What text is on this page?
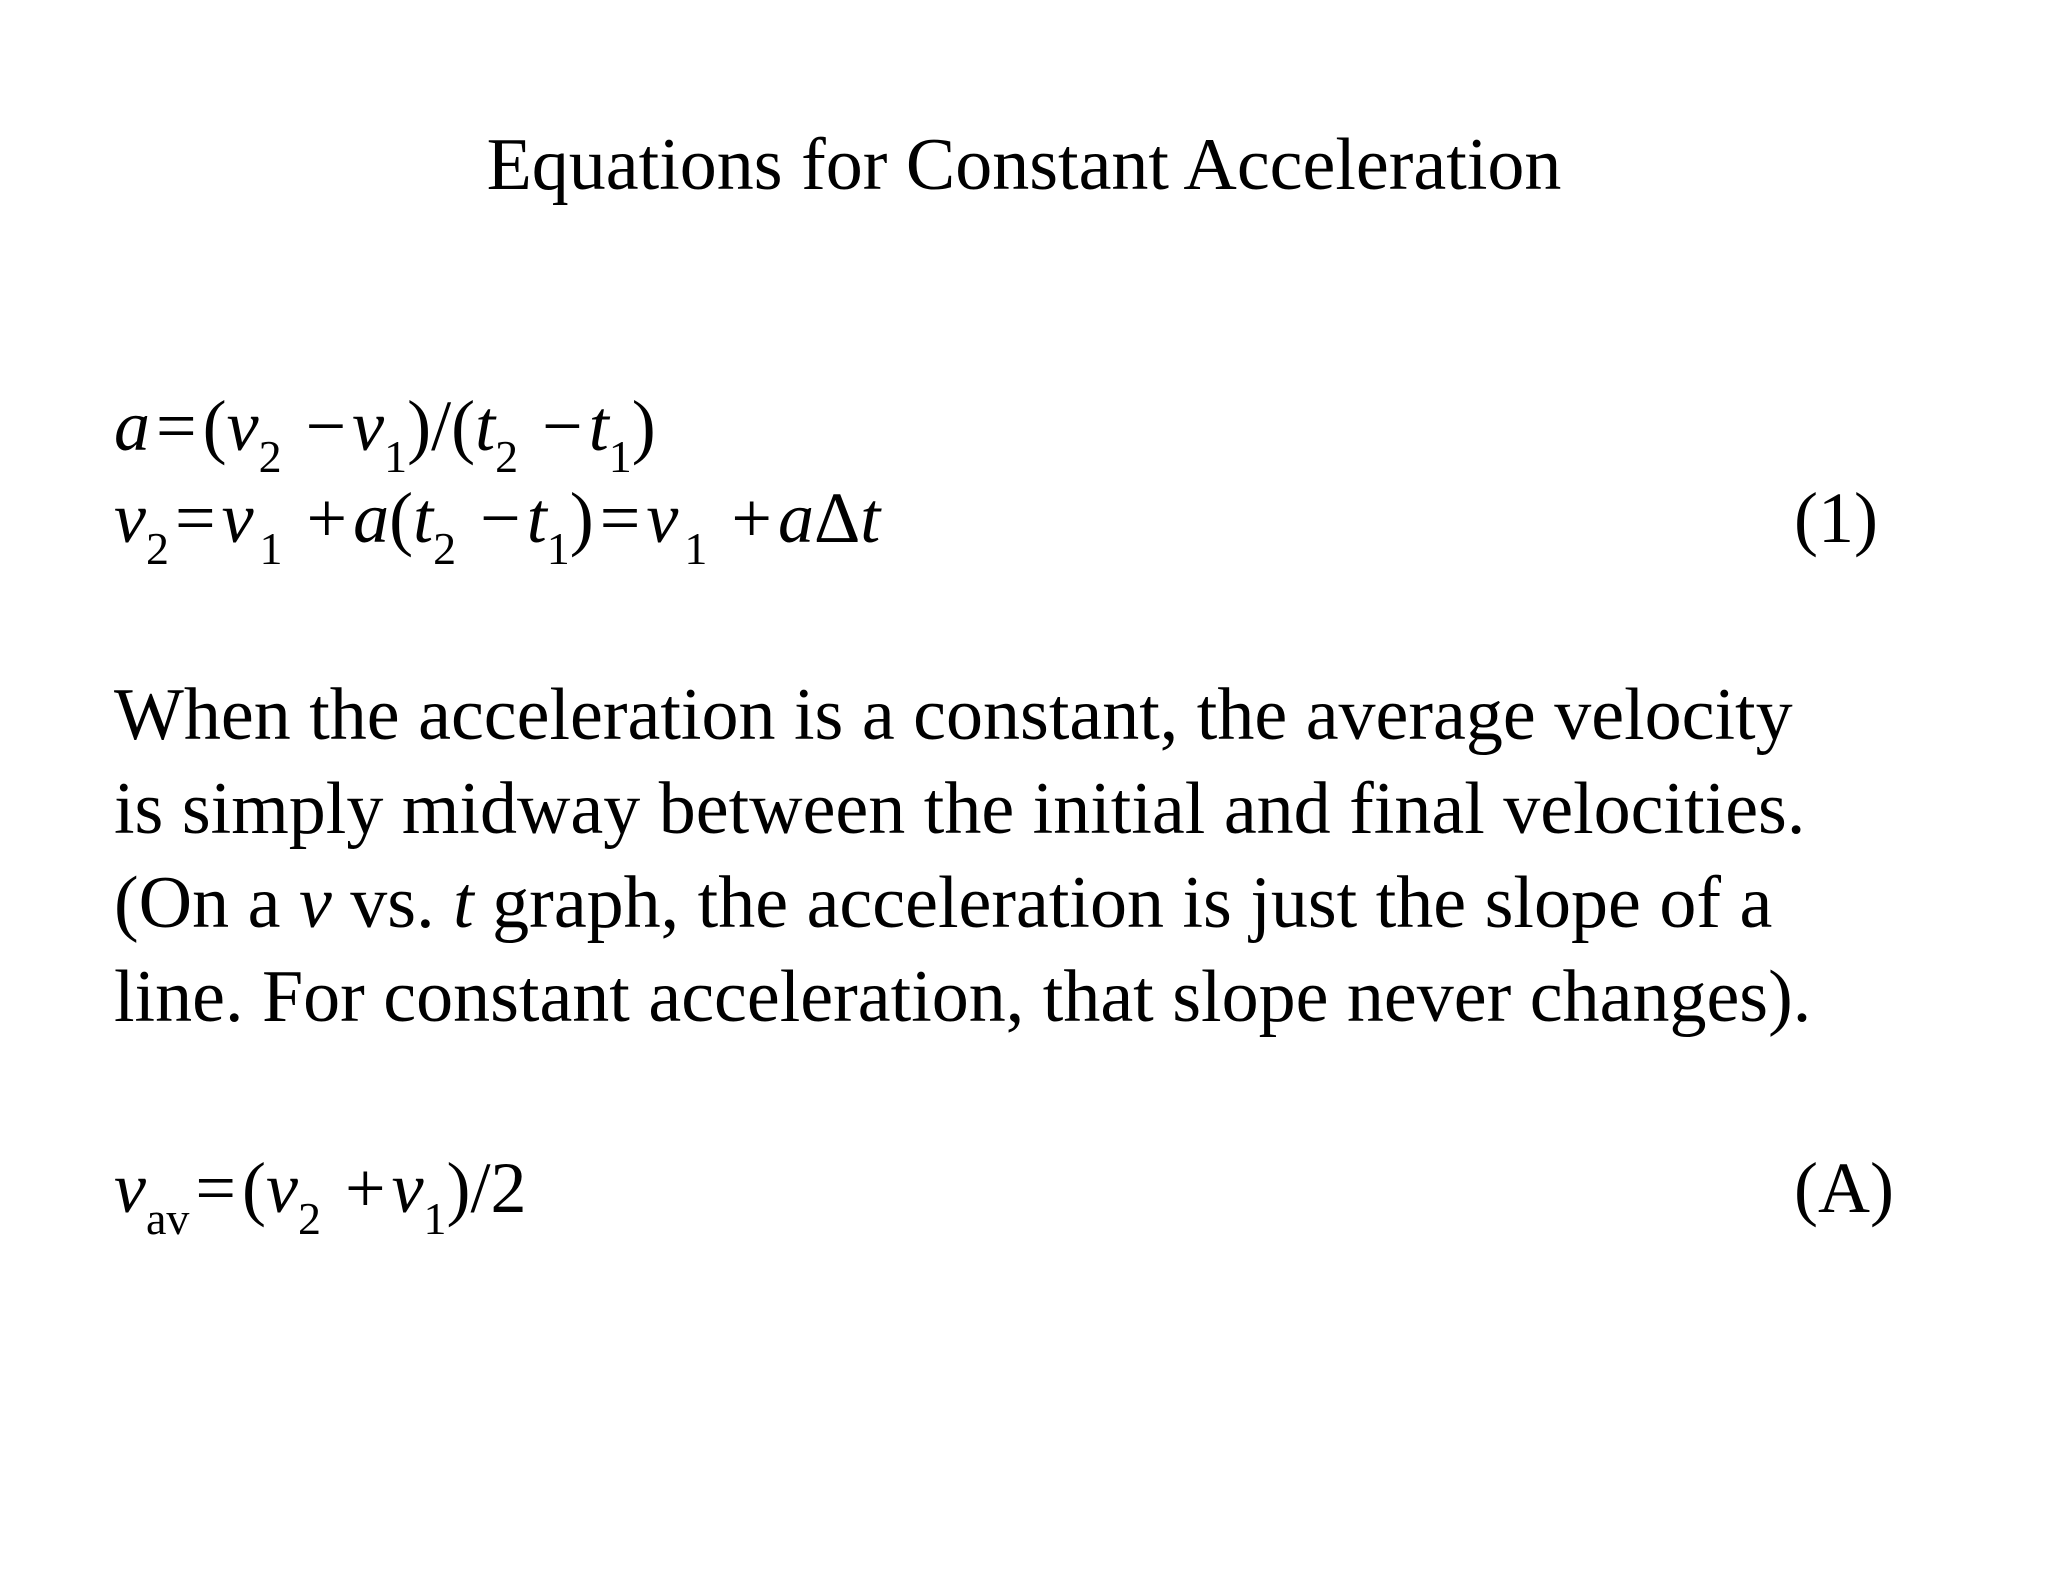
Equations for Constant Acceleration
$a=(v_2 -v_1)/(t_2 -t_1)$
$v_2=v$ $_1 +a(t_2 -t_1)=v$ $_1$ +aΔt	(1)
When the acceleration is a constant, the average velocity
is simply midway between the initial and final velocities.
(On a v vs. t graph, the acceleration is just the slope of a
line. For constant acceleration, that slope never changes).
$v_{av}=(v_2 +v_1)/2$	(A)
